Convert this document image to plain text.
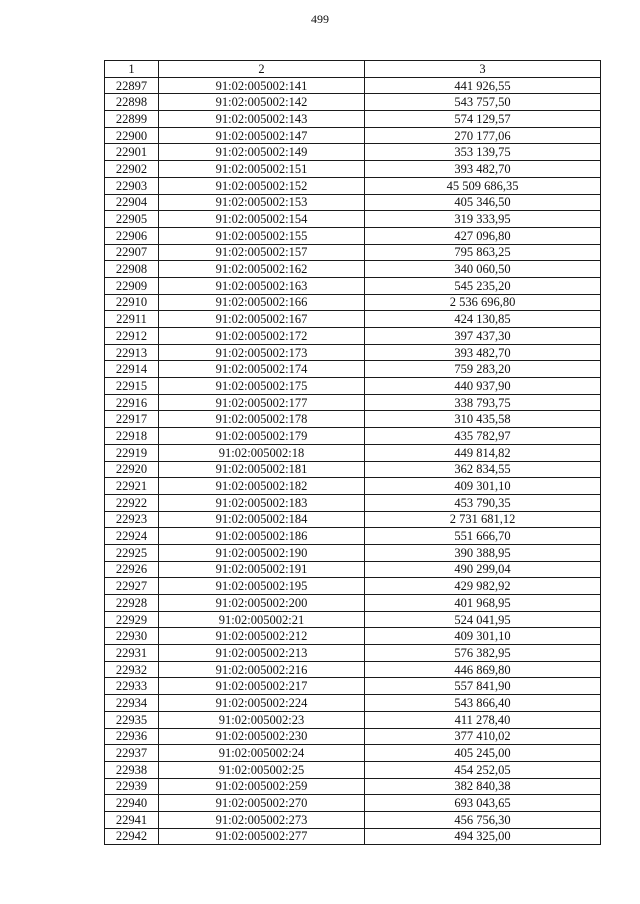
499
1	2	3
22897	91:02:005002:141	441 926,55
22898	91:02:005002:142	543 757,50
22899	91:02:005002:143	574 129,57
22900	91:02:005002:147	270 177,06
22901	91:02:005002:149	353 139,75
22902	91:02:005002:151	393 482,70
22903	91:02:005002:152	45 509 686,35
22904	91:02:005002:153	405 346,50
22905	91:02:005002:154	319 333,95
22906	91:02:005002:155	427 096,80
22907	91:02:005002:157	795 863,25
22908	91:02:005002:162	340 060,50
22909	91:02:005002:163	545 235,20
22910	91:02:005002:166	2 536 696,80
22911	91:02:005002:167	424 130,85
22912	91:02:005002:172	397 437,30
22913	91:02:005002:173	393 482,70
22914	91:02:005002:174	759 283,20
22915	91:02:005002:175	440 937,90
22916	91:02:005002:177	338 793,75
22917	91:02:005002:178	310 435,58
22918	91:02:005002:179	435 782,97
22919	91:02:005002:18	449 814,82
22920	91:02:005002:181	362 834,55
22921	91:02:005002:182	409 301,10
22922	91:02:005002:183	453 790,35
22923	91:02:005002:184	2 731 681,12
22924	91:02:005002:186	551 666,70
22925	91:02:005002:190	390 388,95
22926	91:02:005002:191	490 299,04
22927	91:02:005002:195	429 982,92
22928	91:02:005002:200	401 968,95
22929	91:02:005002:21	524 041,95
22930	91:02:005002:212	409 301,10
22931	91:02:005002:213	576 382,95
22932	91:02:005002:216	446 869,80
22933	91:02:005002:217	557 841,90
22934	91:02:005002:224	543 866,40
22935	91:02:005002:23	411 278,40
22936	91:02:005002:230	377 410,02
22937	91:02:005002:24	405 245,00
22938	91:02:005002:25	454 252,05
22939	91:02:005002:259	382 840,38
22940	91:02:005002:270	693 043,65
22941	91:02:005002:273	456 756,30
22942	91:02:005002:277	494 325,00
